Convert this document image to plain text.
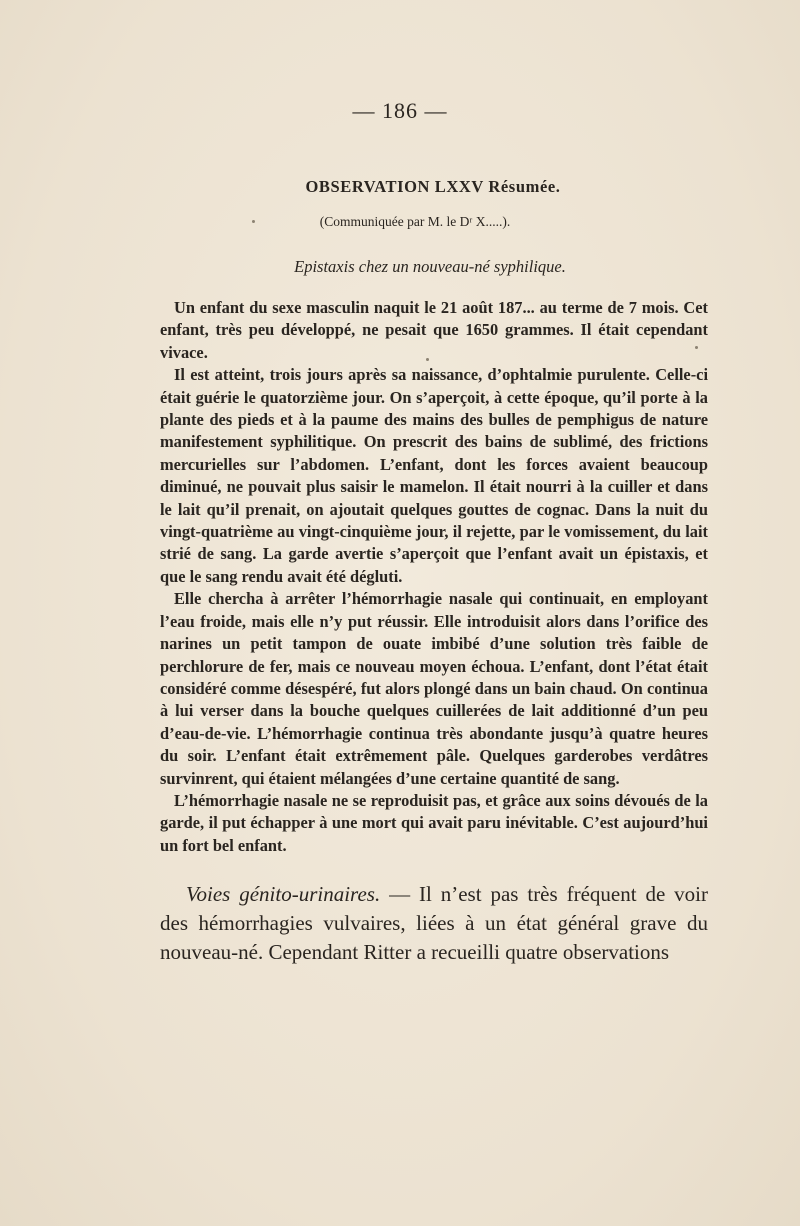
— 186 —
OBSERVATION LXXV Résumée.
(Communiquée par M. le Dʳ X.....).
Epistaxis chez un nouveau-né syphilique.

Un enfant du sexe masculin naquit le 21 août 187... au terme de 7 mois. Cet enfant, très peu développé, ne pesait que 1650 grammes. Il était cependant vivace.

Il est atteint, trois jours après sa naissance, d’ophtalmie purulente. Celle-ci était guérie le quatorzième jour. On s’aperçoit, à cette époque, qu’il porte à la plante des pieds et à la paume des mains des bulles de pemphigus de nature manifestement syphilitique. On prescrit des bains de sublimé, des frictions mercurielles sur l’abdomen. L’enfant, dont les forces avaient beaucoup diminué, ne pouvait plus saisir le mamelon. Il était nourri à la cuiller et dans le lait qu’il prenait, on ajoutait quelques gouttes de cognac. Dans la nuit du vingt-quatrième au vingt-cinquième jour, il rejette, par le vomissement, du lait strié de sang. La garde avertie s’aperçoit que l’enfant avait un épistaxis, et que le sang rendu avait été dégluti.

Elle chercha à arrêter l’hémorrhagie nasale qui continuait, en employant l’eau froide, mais elle n’y put réussir. Elle introduisit alors dans l’orifice des narines un petit tampon de ouate imbibé d’une solution très faible de perchlorure de fer, mais ce nouveau moyen échoua. L’enfant, dont l’état était considéré comme désespéré, fut alors plongé dans un bain chaud. On continua à lui verser dans la bouche quelques cuillerées de lait additionné d’un peu d’eau-de-vie. L’hémorrhagie continua très abondante jusqu’à quatre heures du soir. L’enfant était extrêmement pâle. Quelques garderobes verdâtres survinrent, qui étaient mélangées d’une certaine quantité de sang.

L’hémorrhagie nasale ne se reproduisit pas, et grâce aux soins dévoués de la garde, il put échapper à une mort qui avait paru inévitable. C’est aujourd’hui un fort bel enfant.

Voies génito-urinaires. — Il n’est pas très fréquent de voir des hémorrhagies vulvaires, liées à un état général grave du nouveau-né. Cependant Ritter a recueilli quatre observations
